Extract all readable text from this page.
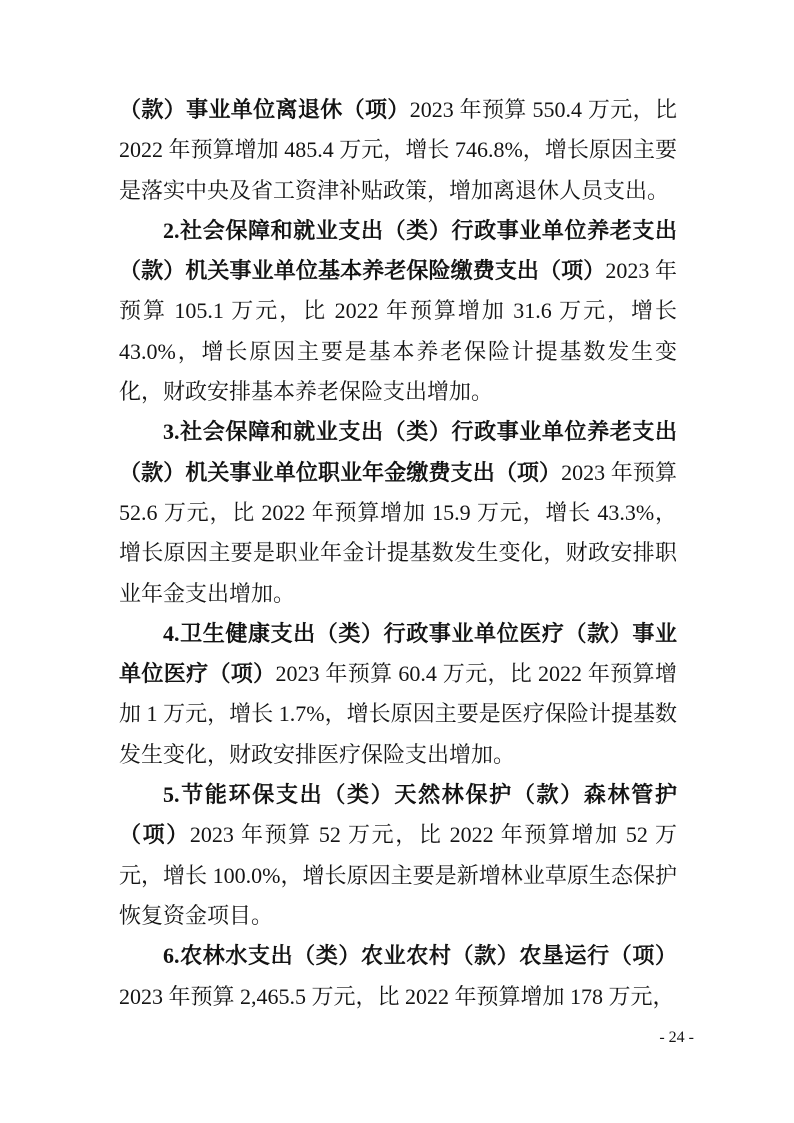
（款）事业单位离退休（项）2023 年预算 550.4 万元，比 2022 年预算增加 485.4 万元，增长 746.8%，增长原因主要是落实中央及省工资津补贴政策，增加离退休人员支出。

2.社会保障和就业支出（类）行政事业单位养老支出（款）机关事业单位基本养老保险缴费支出（项）2023 年预算 105.1 万元，比 2022 年预算增加 31.6 万元，增长 43.0%，增长原因主要是基本养老保险计提基数发生变化，财政安排基本养老保险支出增加。

3.社会保障和就业支出（类）行政事业单位养老支出（款）机关事业单位职业年金缴费支出（项）2023 年预算 52.6 万元，比 2022 年预算增加 15.9 万元，增长 43.3%，增长原因主要是职业年金计提基数发生变化，财政安排职业年金支出增加。

4.卫生健康支出（类）行政事业单位医疗（款）事业单位医疗（项）2023 年预算 60.4 万元，比 2022 年预算增加 1 万元，增长 1.7%，增长原因主要是医疗保险计提基数发生变化，财政安排医疗保险支出增加。

5.节能环保支出（类）天然林保护（款）森林管护（项）2023 年预算 52 万元，比 2022 年预算增加 52 万元，增长 100.0%，增长原因主要是新增林业草原生态保护恢复资金项目。

6.农林水支出（类）农业农村（款）农垦运行（项）2023 年预算 2,465.5 万元，比 2022 年预算增加 178 万元，

- 24 -
